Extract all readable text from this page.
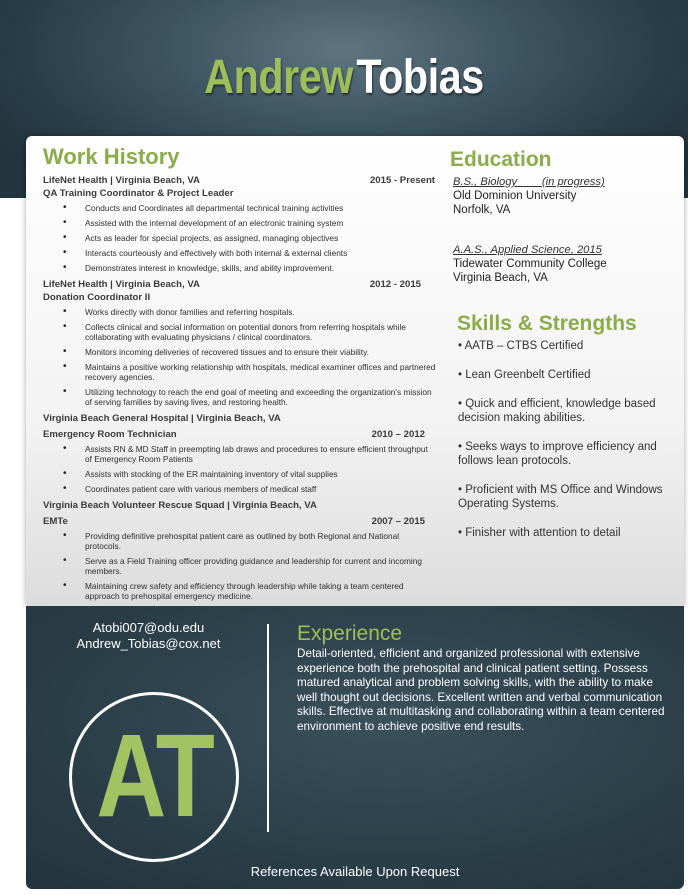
AndrewTobias
Work History
LifeNet Health | Virginia Beach, VA	2015 - Present
QA Training Coordinator & Project Leader
• Conducts and Coordinates all departmental technical training activities
• Assisted with the internal development of an electronic training system
• Acts as leader for special projects, as assigned, managing objectives
• Interacts courteously and effectively with both internal & external clients
• Demonstrates interest in knowledge, skills, and ability improvement.
LifeNet Health | Virginia Beach, VA	2012 - 2015
Donation Coordinator II
• Works directly with donor families and referring hospitals.
• Collects clinical and social information on potential donors from referring hospitals while collaborating with evaluating physicians / clinical coordinators.
• Monitors incoming deliveries of recovered tissues and to ensure their viability.
• Maintains a positive working relationship with hospitals, medical examiner offices and partnered recovery agencies.
• Utilizing technology to reach the end goal of meeting and exceeding the organization's mission of serving families by saving lives, and restoring health.
Virginia Beach General Hospital | Virginia Beach, VA
Emergency Room Technician	2010 – 2012
• Assists RN & MD Staff in preempting lab draws and procedures to ensure efficient throughput of Emergency Room Patients
• Assists with stocking of the ER maintaining inventory of vital supplies
• Coordinates patient care with various members of medical staff
Virginia Beach Volunteer Rescue Squad | Virginia Beach, VA
EMTe	2007 – 2015
• Providing definitive prehospital patient care as outlined by both Regional and National protocols.
• Serve as a Field Training officer providing guidance and leadership for current and incoming members.
• Maintaining crew safety and efficiency through leadership while taking a team centered approach to prehospital emergency medicine.
Education
B.S., Biology        (in progress)
Old Dominion University
Norfolk, VA
A.A.S., Applied Science, 2015
Tidewater Community College
Virginia Beach, VA
Skills & Strengths
• AATB – CTBS Certified
• Lean Greenbelt Certified
• Quick and efficient, knowledge based decision making abilities.
• Seeks ways to improve efficiency and follows lean protocols.
• Proficient with MS Office and Windows Operating Systems.
• Finisher with attention to detail
Atobi007@odu.edu
Andrew_Tobias@cox.net
AT
Experience
Detail-oriented, efficient and organized professional with extensive experience both the prehospital and clinical patient setting. Possess matured analytical and problem solving skills, with the ability to make well thought out decisions. Excellent written and verbal communication skills. Effective at multitasking and collaborating within a team centered environment to achieve positive end results.
References Available Upon Request
